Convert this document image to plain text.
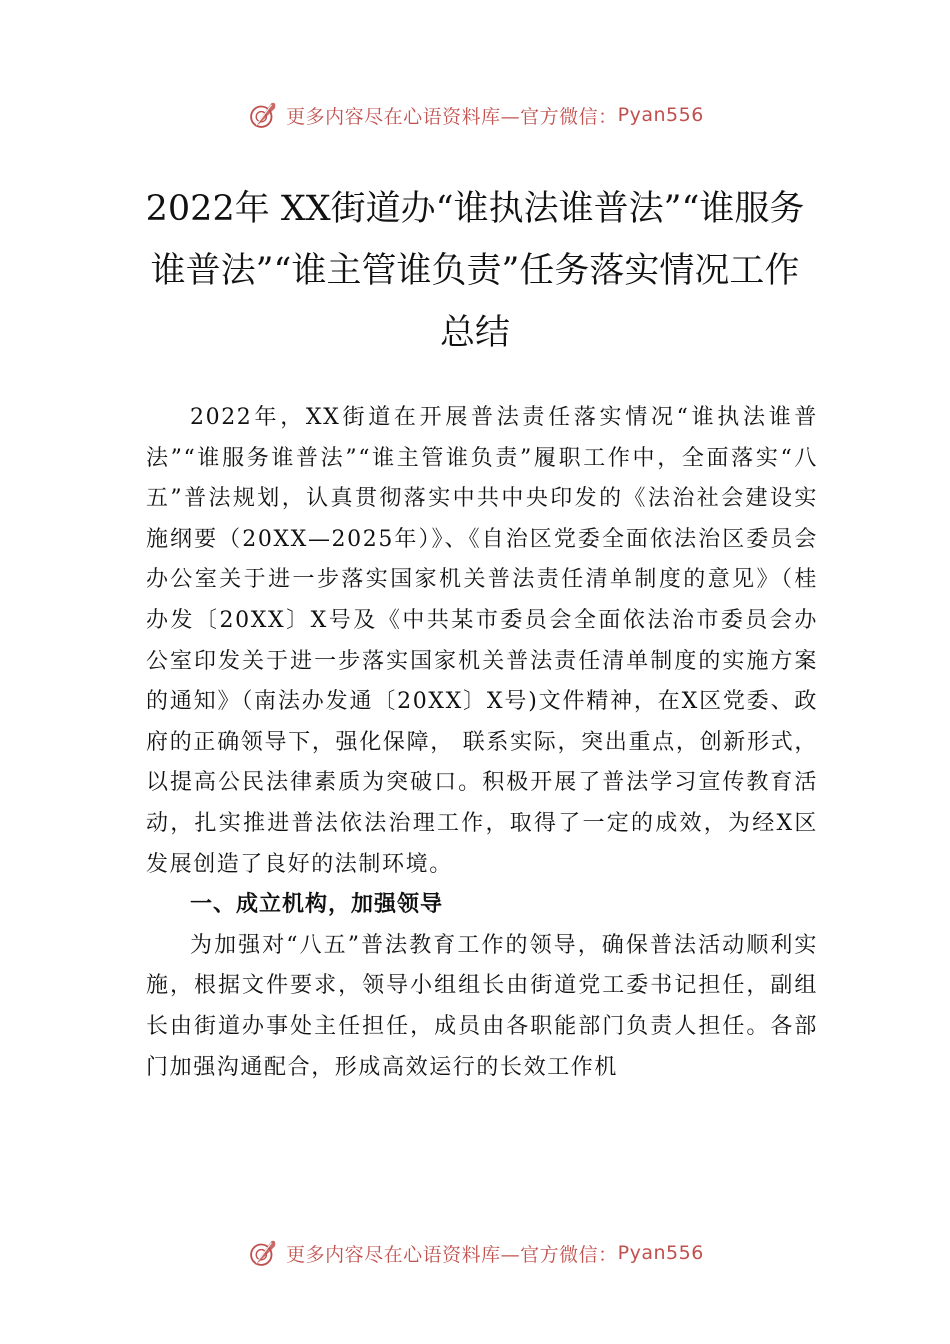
更多内容尽在心语资料库—官方微信： Pyan556
2022年 XX街道办“谁执法谁普法”“谁服务谁普法”“谁主管谁负责”任务落实情况工作总结

2022年，XX街道在开展普法责任落实情况“谁执法谁普法”“谁服务谁普法”“谁主管谁负责”履职工作中，全面落实“八五”普法规划，认真贯彻落实中共中央印发的《法治社会建设实施纲要（20XX—2025年）》、《自治区党委全面依法治区委员会办公室关于进一步落实国家机关普法责任清单制度的意见》（桂办发〔20XX〕X号及《中共某市委员会全面依法治市委员会办公室印发关于进一步落实国家机关普法责任清单制度的实施方案的通知》（南法办发通〔20XX〕X号)文件精神，在X区党委、政府的正确领导下，强化保障， 联系实际，突出重点，创新形式，以提高公民法律素质为突破口。积极开展了普法学习宣传教育活动，扎实推进普法依法治理工作，取得了一定的成效，为经X区发展创造了良好的法制环境。

一、成立机构，加强领导

为加强对“八五”普法教育工作的领导，确保普法活动顺利实施，根据文件要求，领导小组组长由街道党工委书记担任，副组长由街道办事处主任担任，成员由各职能部门负责人担任。各部门加强沟通配合，形成高效运行的长效工作机

更多内容尽在心语资料库—官方微信： Pyan556
